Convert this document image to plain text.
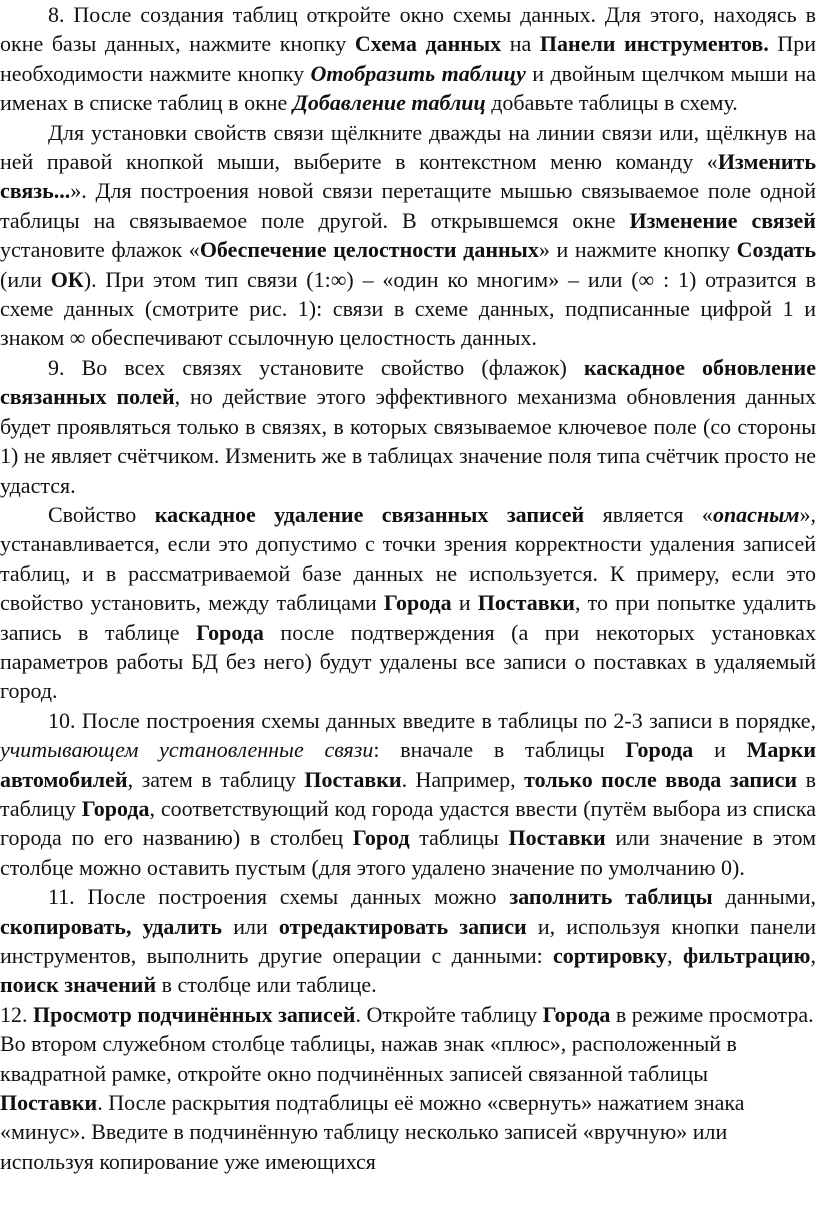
8. После создания таблиц откройте окно схемы данных. Для этого, находясь в окне базы данных, нажмите кнопку Схема данных на Панели инструментов. При необходимости нажмите кнопку Отобразить таблицу и двойным щелчком мыши на именах в списке таблиц в окне Добавление таблиц добавьте таблицы в схему.

Для установки свойств связи щёлкните дважды на линии связи или, щёлкнув на ней правой кнопкой мыши, выберите в контекстном меню команду «Изменить связь...». Для построения новой связи перетащите мышью связываемое поле одной таблицы на связываемое поле другой. В открывшемся окне Изменение связей установите флажок «Обеспечение целостности данных» и нажмите кнопку Создать (или ОК). При этом тип связи (1:∞) – «один ко многим» – или (∞ : 1) отразится в схеме данных (смотрите рис. 1): связи в схеме данных, подписанные цифрой 1 и знаком ∞ обеспечивают ссылочную целостность данных.

9. Во всех связях установите свойство (флажок) каскадное обновление связанных полей, но действие этого эффективного механизма обновления данных будет проявляться только в связях, в которых связываемое ключевое поле (со стороны 1) не являет счётчиком. Изменить же в таблицах значение поля типа счётчик просто не удастся.

Свойство каскадное удаление связанных записей является «опасным», устанавливается, если это допустимо с точки зрения корректности удаления записей таблиц, и в рассматриваемой базе данных не используется. К примеру, если это свойство установить, между таблицами Города и Поставки, то при попытке удалить запись в таблице Города после подтверждения (а при некоторых установках параметров работы БД без него) будут удалены все записи о поставках в удаляемый город.

10. После построения схемы данных введите в таблицы по 2-3 записи в порядке, учитывающем установленные связи: вначале в таблицы Города и Марки автомобилей, затем в таблицу Поставки. Например, только после ввода записи в таблицу Города, соответствующий код города удастся ввести (путём выбора из списка города по его названию) в столбец Город таблицы Поставки или значение в этом столбце можно оставить пустым (для этого удалено значение по умолчанию 0).

11. После построения схемы данных можно заполнить таблицы данными, скопировать, удалить или отредактировать записи и, используя кнопки панели инструментов, выполнить другие операции с данными: сортировку, фильтрацию, поиск значений в столбце или таблице.

12. Просмотр подчинённых записей. Откройте таблицу Города в режиме просмотра. Во втором служебном столбце таблицы, нажав знак «плюс», расположенный в квадратной рамке, откройте окно подчинённых записей связанной таблицы Поставки. После раскрытия подтаблицы её можно «свернуть» нажатием знака «минус». Введите в подчинённую таблицу несколько записей «вручную» или используя копирование уже имеющихся
